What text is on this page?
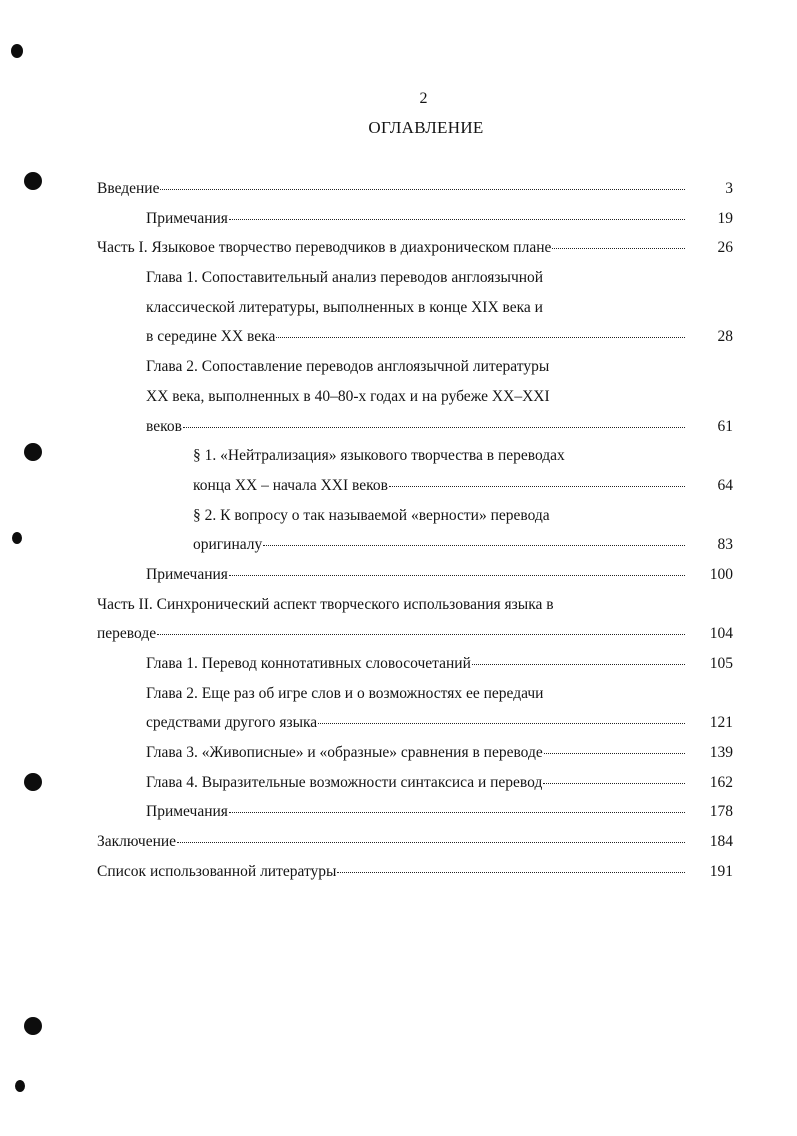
2
ОГЛАВЛЕНИЕ
Введение	3
Примечания	19
Часть I. Языковое творчество переводчиков в диахроническом плане	26
Глава 1. Сопоставительный анализ переводов англоязычной
классической литературы, выполненных в конце XIX века и
в середине XX века	28
Глава 2. Сопоставление переводов англоязычной литературы
XX века, выполненных в 40–80-х годах и на рубеже XX–XXI
веков	61
§ 1. «Нейтрализация» языкового творчества в переводах
конца XX – начала XXI веков	64
§ 2. К вопросу о так называемой «верности» перевода
оригиналу	83
Примечания	100
Часть II. Синхронический аспект творческого использования языка в
переводе	104
Глава 1. Перевод коннотативных словосочетаний	105
Глава 2. Еще раз об игре слов и о возможностях ее передачи
средствами другого языка	121
Глава 3. «Живописные» и «образные» сравнения в переводе	139
Глава 4. Выразительные возможности синтаксиса и перевод	162
Примечания	178
Заключение	184
Список использованной литературы	191
